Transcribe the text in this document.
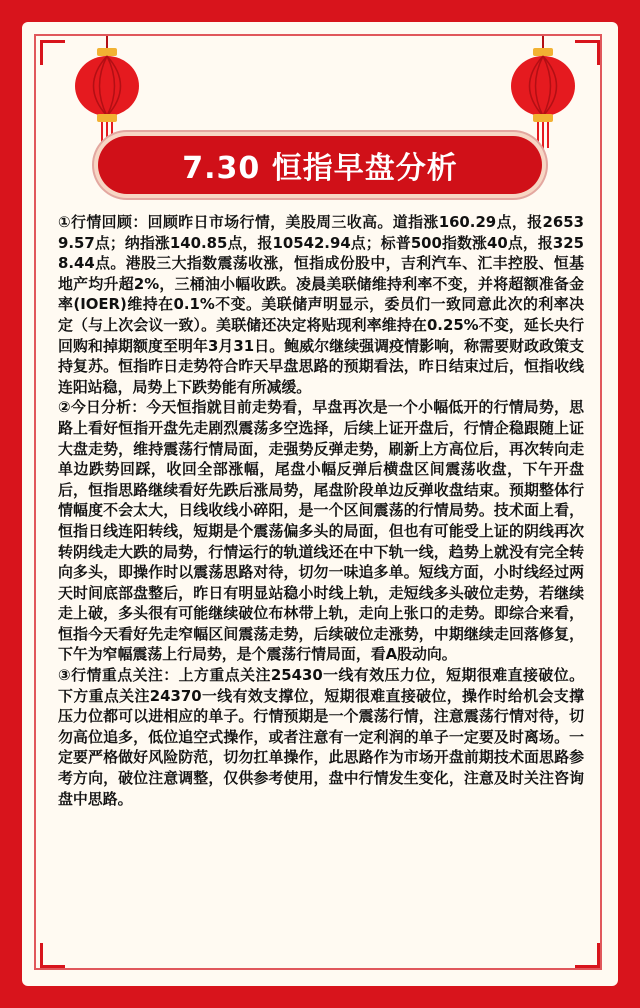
7.30 恒指早盘分析

①行情回顾：回顾昨日市场行情，美股周三收高。道指涨160.29点，报26539.57点；纳指涨140.85点，报10542.94点；标普500指数涨40点，报3258.44点。港股三大指数震荡收涨，恒指成份股中，吉利汽车、汇丰控股、恒基地产均升超2%，三桶油小幅收跌。凌晨美联储维持利率不变，并将超额准备金率(IOER)维持在0.1%不变。美联储声明显示，委员们一致同意此次的利率决定（与上次会议一致）。美联储还决定将贴现利率维持在0.25%不变，延长央行回购和掉期额度至明年3月31日。鲍威尔继续强调疫情影响，称需要财政政策支持复苏。恒指昨日走势符合昨天早盘思路的预期看法，昨日结束过后，恒指收线连阳站稳，局势上下跌势能有所减缓。

②今日分析：今天恒指就目前走势看，早盘再次是一个小幅低开的行情局势，思路上看好恒指开盘先走剧烈震荡多空选择，后续上证开盘后，行情企稳跟随上证大盘走势，维持震荡行情局面，走强势反弹走势，刷新上方高位后，再次转向走单边跌势回踩，收回全部涨幅，尾盘小幅反弹后横盘区间震荡收盘，下午开盘后，恒指思路继续看好先跌后涨局势，尾盘阶段单边反弹收盘结束。预期整体行情幅度不会太大，日线收线小碎阳，是一个区间震荡的行情局势。技术面上看，恒指日线连阳转线，短期是个震荡偏多头的局面，但也有可能受上证的阴线再次转阴线走大跌的局势，行情运行的轨道线还在中下轨一线，趋势上就没有完全转向多头，即操作时以震荡思路对待，切勿一味追多单。短线方面，小时线经过两天时间底部盘整后，昨日有明显站稳小时线上轨，走短线多头破位走势，若继续走上破，多头很有可能继续破位布林带上轨，走向上张口的走势。即综合来看，恒指今天看好先走窄幅区间震荡走势，后续破位走涨势，中期继续走回落修复，下午为窄幅震荡上行局势，是个震荡行情局面，看A股动向。

③行情重点关注：上方重点关注25430一线有效压力位，短期很难直接破位。下方重点关注24370一线有效支撑位，短期很难直接破位，操作时给机会支撑压力位都可以进相应的单子。行情预期是一个震荡行情，注意震荡行情对待，切勿高位追多，低位追空式操作，或者注意有一定利润的单子一定要及时离场。一定要严格做好风险防范，切勿扛单操作，此思路作为市场开盘前期技术面思路参考方向，破位注意调整，仅供参考使用，盘中行情发生变化，注意及时关注咨询盘中思路。
